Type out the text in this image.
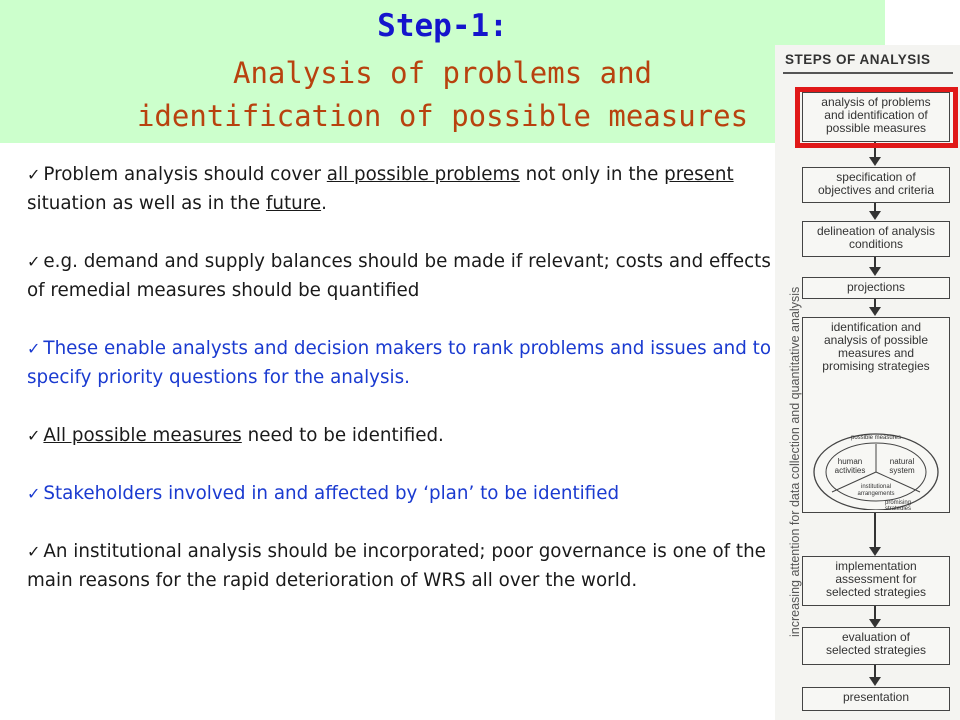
Step-1:
Analysis of problems and
identification of possible measures

✓ Problem analysis should cover all possible problems not only in the present situation as well as in the future.

✓ e.g. demand and supply balances should be made if relevant; costs and effects of remedial measures should be quantified

✓ These enable analysts and decision makers to rank problems and issues and to specify priority questions for the analysis.

✓ All possible measures need to be identified.

✓ Stakeholders involved in and affected by ‘plan’ to be identified

✓ An institutional analysis should be incorporated; poor governance is one of the main reasons for the rapid deterioration of WRS all over the world.

STEPS OF ANALYSIS
increasing attention for data collection and quantitative analysis
analysis of problems
and identification of
possible measures
specification of
objectives and criteria
delineation of analysis
conditions
projections
identification and
analysis of possible
measures and
promising strategies
possible measures
human
activities
natural
system
institutional
arrangements
promising
strategies
implementation
assessment for
selected strategies
evaluation of
selected strategies
presentation
